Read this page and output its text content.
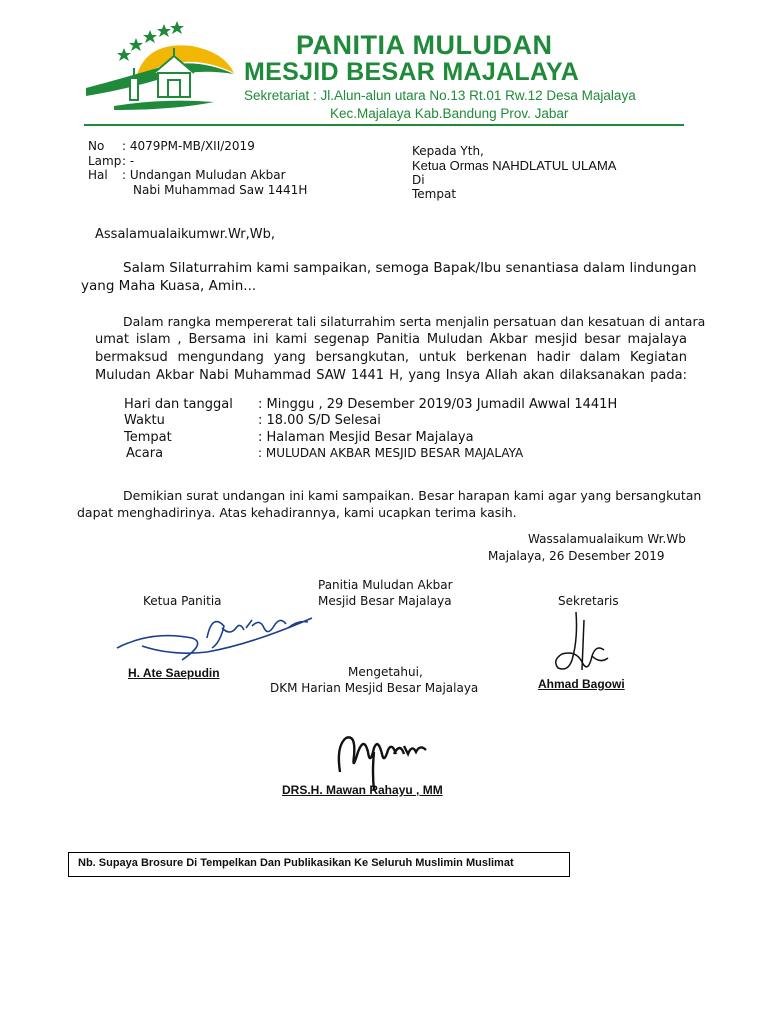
PANITIA MULUDAN
MESJID BESAR MAJALAYA
Sekretariat : Jl.Alun-alun utara No.13 Rt.01 Rw.12 Desa Majalaya
Kec.Majalaya Kab.Bandung Prov. Jabar
No : 4079PM-MB/XII/2019
Lamp : -
Hal : Undangan Muludan Akbar
Nabi Muhammad Saw 1441H
Kepada Yth,
Ketua Ormas NAHDLATUL ULAMA
Di
Tempat
Assalamualaikumwr.Wr,Wb,
Salam Silaturrahim kami sampaikan, semoga Bapak/Ibu senantiasa dalam lindungan
yang Maha Kuasa, Amin...
Dalam rangka mempererat tali silaturrahim serta menjalin persatuan dan kesatuan di antara
umat islam , Bersama ini kami segenap Panitia Muludan Akbar mesjid besar majalaya
bermaksud mengundang yang bersangkutan, untuk berkenan hadir dalam Kegiatan
Muludan Akbar Nabi Muhammad SAW 1441 H, yang Insya Allah akan dilaksanakan pada:
Hari dan tanggal : Minggu , 29 Desember 2019/03 Jumadil Awwal 1441H
Waktu	: 18.00 S/D Selesai
Tempat	: Halaman Mesjid Besar Majalaya
Acara	: MULUDAN AKBAR MESJID BESAR MAJALAYA
Demikian surat undangan ini kami sampaikan. Besar harapan kami agar yang bersangkutan
dapat menghadirinya. Atas kehadirannya, kami ucapkan terima kasih.
Wassalamualaikum Wr.Wb
Majalaya, 26 Desember 2019
Panitia Muludan Akbar
Mesjid Besar Majalaya
Ketua Panitia	Sekretaris
H. Ate Saepudin	Mengetahui,
DKM Harian Mesjid Besar Majalaya	Ahmad Bagowi
DRS.H. Mawan Rahayu , MM
Nb. Supaya Brosure Di Tempelkan Dan Publikasikan Ke Seluruh Muslimin Muslimat
